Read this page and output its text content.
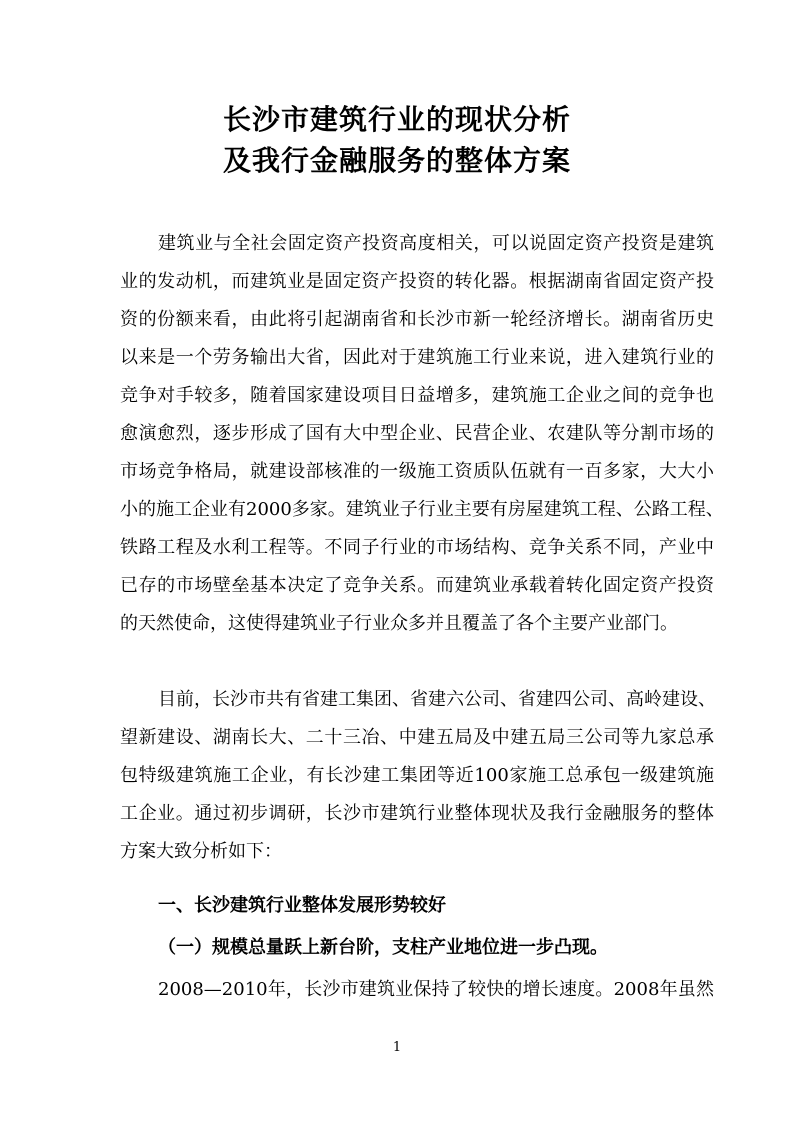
长沙市建筑行业的现状分析
及我行金融服务的整体方案
建筑业与全社会固定资产投资高度相关，可以说固定资产投资是建筑
业的发动机，而建筑业是固定资产投资的转化器。根据湖南省固定资产投
资的份额来看，由此将引起湖南省和长沙市新一轮经济增长。湖南省历史
以来是一个劳务输出大省，因此对于建筑施工行业来说，进入建筑行业的
竞争对手较多，随着国家建设项目日益增多，建筑施工企业之间的竞争也
愈演愈烈，逐步形成了国有大中型企业、民营企业、农建队等分割市场的
市场竞争格局，就建设部核准的一级施工资质队伍就有一百多家，大大小
小的施工企业有2000多家。建筑业子行业主要有房屋建筑工程、公路工程、
铁路工程及水利工程等。不同子行业的市场结构、竞争关系不同，产业中
已存的市场壁垒基本决定了竞争关系。而建筑业承载着转化固定资产投资
的天然使命，这使得建筑业子行业众多并且覆盖了各个主要产业部门。
目前，长沙市共有省建工集团、省建六公司、省建四公司、高岭建设、
望新建设、湖南长大、二十三冶、中建五局及中建五局三公司等九家总承
包特级建筑施工企业，有长沙建工集团等近100家施工总承包一级建筑施
工企业。通过初步调研，长沙市建筑行业整体现状及我行金融服务的整体
方案大致分析如下：
一、长沙建筑行业整体发展形势较好
（一）规模总量跃上新台阶，支柱产业地位进一步凸现。
2008—2010年，长沙市建筑业保持了较快的增长速度。2008年虽然
1
